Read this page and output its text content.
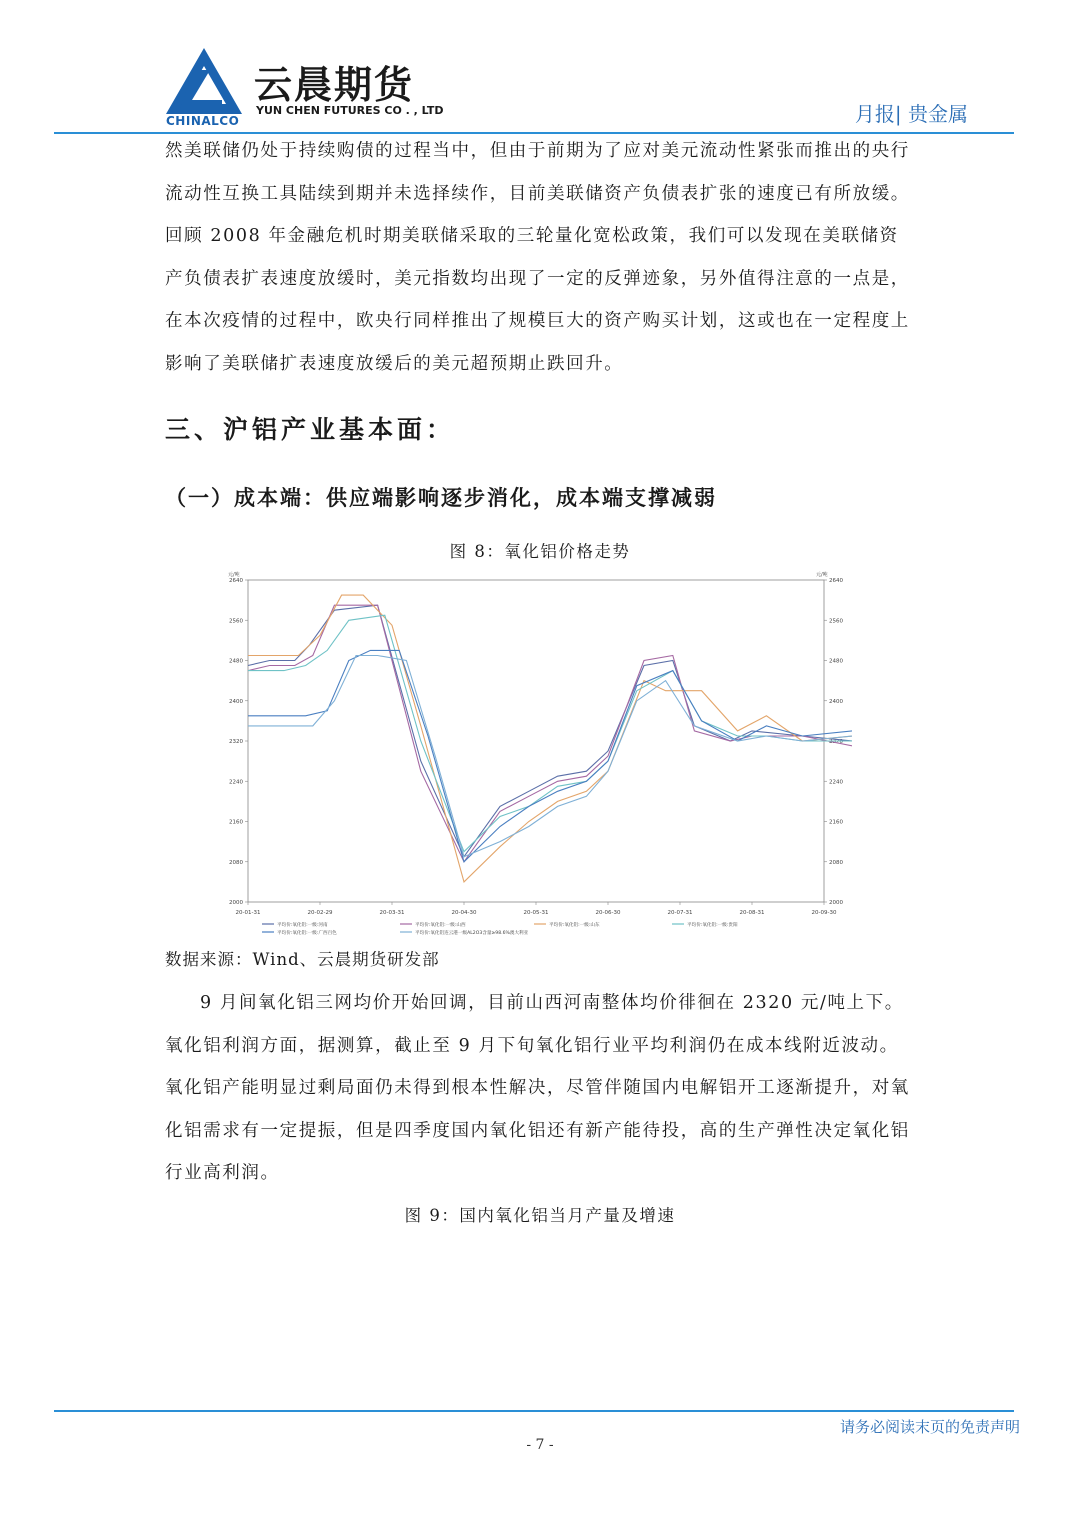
CHINALCO
云晨期货
YUN CHEN FUTURES CO . , LTD	月报| 贵金属

然美联储仍处于持续购债的过程当中，但由于前期为了应对美元流动性紧张而推出的央行流动性互换工具陆续到期并未选择续作，目前美联储资产负债表扩张的速度已有所放缓。回顾 2008 年金融危机时期美联储采取的三轮量化宽松政策，我们可以发现在美联储资产负债表扩表速度放缓时，美元指数均出现了一定的反弹迹象，另外值得注意的一点是，在本次疫情的过程中，欧央行同样推出了规模巨大的资产购买计划，这或也在一定程度上影响了美联储扩表速度放缓后的美元超预期止跌回升。

三、沪铝产业基本面：
（一）成本端：供应端影响逐步消化，成本端支撑减弱

图 8：氧化铝价格走势

元/吨	元/吨
2000	2000
2080	2080
2160	2160
2240	2240
2320	2320
2400	2400
2480	2480
2560	2560
2640	2640
20-01-31	20-02-29	20-03-31	20-04-30	20-05-31	20-06-30	20-07-31	20-08-31	20-09-30
平均价:氧化铝:一级:河南	平均价:氧化铝:一级:山西	平均价:氧化铝:一级:山东	平均价:氧化铝:一级:贵阳
平均价:氧化铝:一级:广西百色	平均价:氧化铝连云港一级AL2O3含量≥98.6%澳大利亚

数据来源：Wind、云晨期货研发部

9 月间氧化铝三网均价开始回调，目前山西河南整体均价徘徊在 2320 元/吨上下。氧化铝利润方面，据测算，截止至 9 月下旬氧化铝行业平均利润仍在成本线附近波动。氧化铝产能明显过剩局面仍未得到根本性解决，尽管伴随国内电解铝开工逐渐提升，对氧化铝需求有一定提振，但是四季度国内氧化铝还有新产能待投，高的生产弹性决定氧化铝行业高利润。

图 9：国内氧化铝当月产量及增速

请务必阅读末页的免责声明
- 7 -
